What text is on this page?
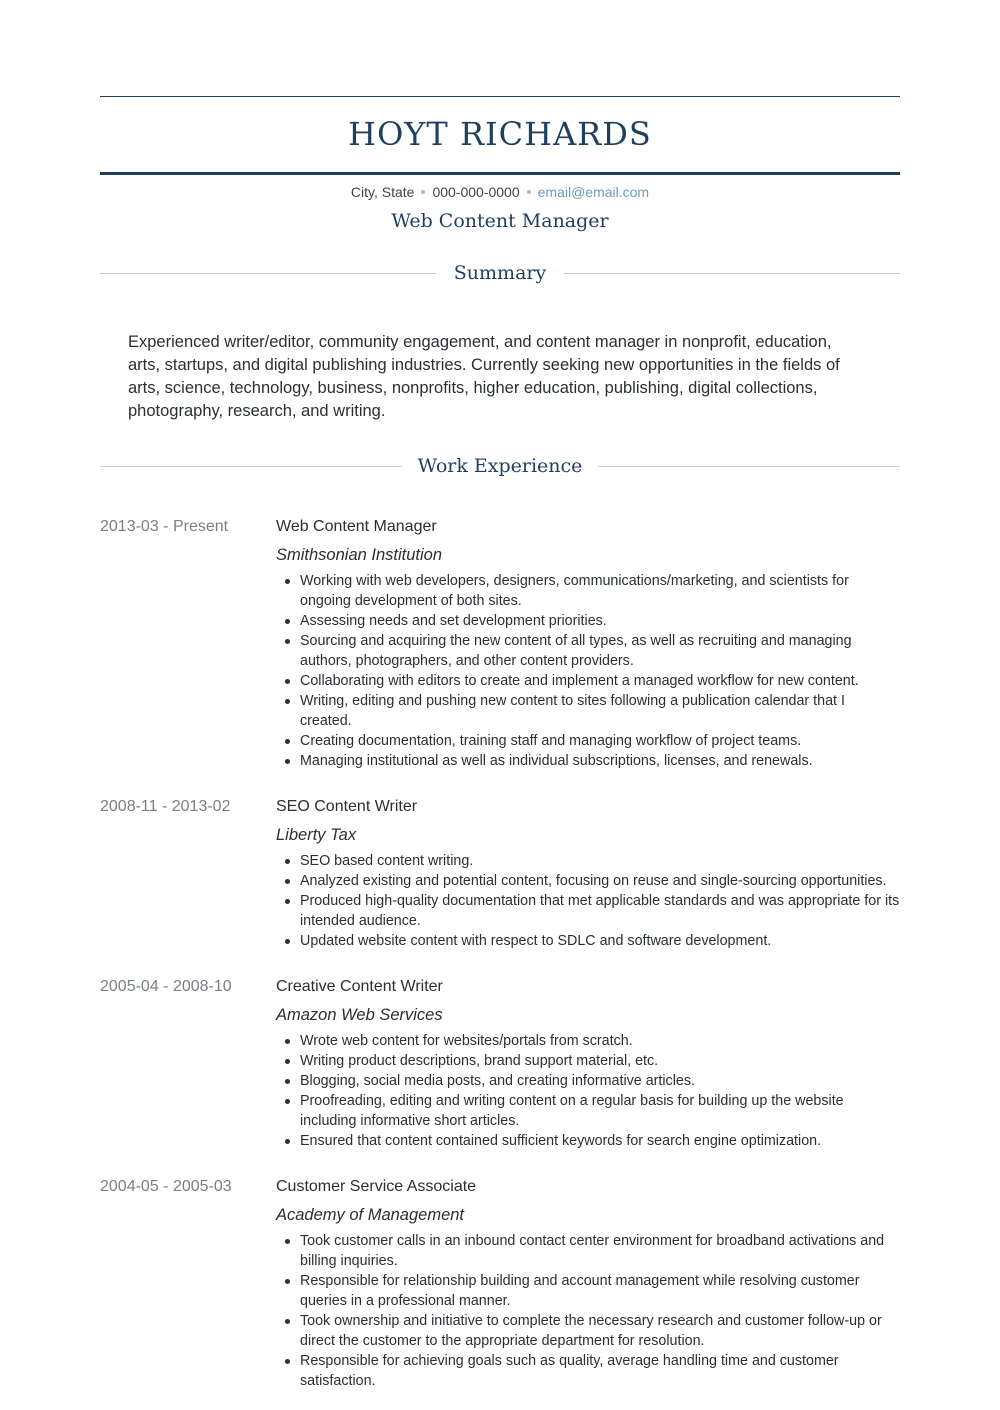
HOYT RICHARDS
City, State 000-000-0000 email@email.com
Web Content Manager
Summary
Experienced writer/editor, community engagement, and content manager in nonprofit, education, arts, startups, and digital publishing industries. Currently seeking new opportunities in the fields of arts, science, technology, business, nonprofits, higher education, publishing, digital collections, photography, research, and writing.
Work Experience
2013-03 - Present	Web Content Manager
Smithsonian Institution
Working with web developers, designers, communications/marketing, and scientists for ongoing development of both sites.
Assessing needs and set development priorities.
Sourcing and acquiring the new content of all types, as well as recruiting and managing authors, photographers, and other content providers.
Collaborating with editors to create and implement a managed workflow for new content.
Writing, editing and pushing new content to sites following a publication calendar that I created.
Creating documentation, training staff and managing workflow of project teams.
Managing institutional as well as individual subscriptions, licenses, and renewals.
2008-11 - 2013-02	SEO Content Writer
Liberty Tax
SEO based content writing.
Analyzed existing and potential content, focusing on reuse and single-sourcing opportunities.
Produced high-quality documentation that met applicable standards and was appropriate for its intended audience.
Updated website content with respect to SDLC and software development.
2005-04 - 2008-10	Creative Content Writer
Amazon Web Services
Wrote web content for websites/portals from scratch.
Writing product descriptions, brand support material, etc.
Blogging, social media posts, and creating informative articles.
Proofreading, editing and writing content on a regular basis for building up the website including informative short articles.
Ensured that content contained sufficient keywords for search engine optimization.
2004-05 - 2005-03	Customer Service Associate
Academy of Management
Took customer calls in an inbound contact center environment for broadband activations and billing inquiries.
Responsible for relationship building and account management while resolving customer queries in a professional manner.
Took ownership and initiative to complete the necessary research and customer follow-up or direct the customer to the appropriate department for resolution.
Responsible for achieving goals such as quality, average handling time and customer satisfaction.
